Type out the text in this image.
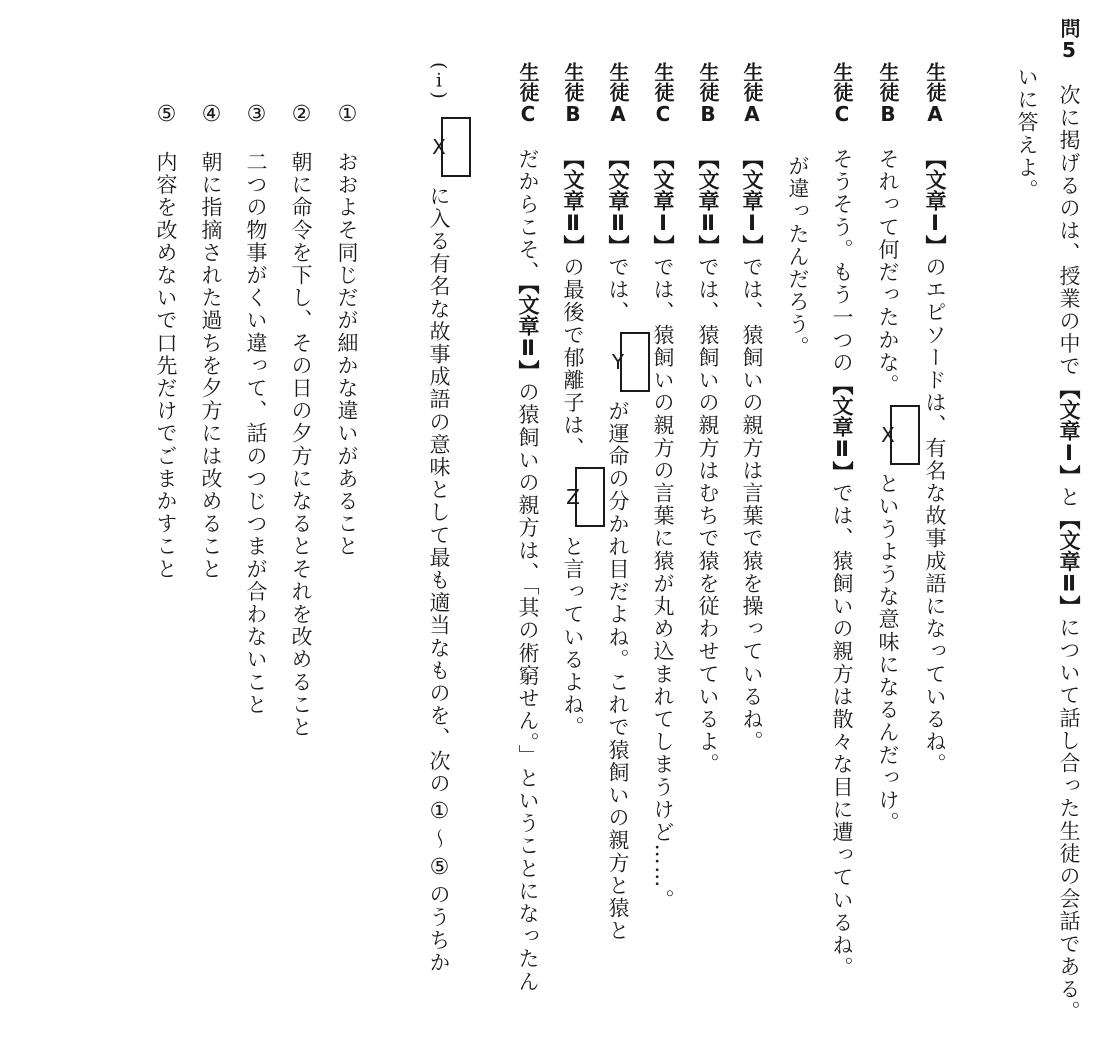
問5次に掲げるのは、授業の中で【文章Ⅰ】と【文章Ⅱ】について話し合った生徒の会話である。
いに答えよ。
生徒A【文章Ⅰ】のエピソードは、有名な故事成語になっているね。
生徒Bそれって何だったかな。Xというような意味になるんだっけ。
生徒Cそうそう。もう一つの【文章Ⅱ】では、猿飼いの親方は散々な目に遭っているね。
が違ったんだろう。
生徒A【文章Ⅰ】では、猿飼いの親方は言葉で猿を操っているね。
生徒B【文章Ⅱ】では、猿飼いの親方はむちで猿を従わせているよ。
生徒C【文章Ⅰ】では、猿飼いの親方の言葉に猿が丸め込まれてしまうけど……。
生徒A【文章Ⅱ】では、Yが運命の分かれ目だよね。これで猿飼いの親方と猿と
生徒B【文章Ⅱ】の最後で郁離子は、Zと言っているよね。
生徒Cだからこそ、【文章Ⅱ】の猿飼いの親方は、「其の術窮せん。」ということになったん
(ⅰ)Xに入る有名な故事成語の意味として最も適当なものを、次の①〜⑤のうちか
①おおよそ同じだが細かな違いがあること
②朝に命令を下し、その日の夕方になるとそれを改めること
③二つの物事がくい違って、話のつじつまが合わないこと
④朝に指摘された過ちを夕方には改めること
⑤内容を改めないで口先だけでごまかすこと
